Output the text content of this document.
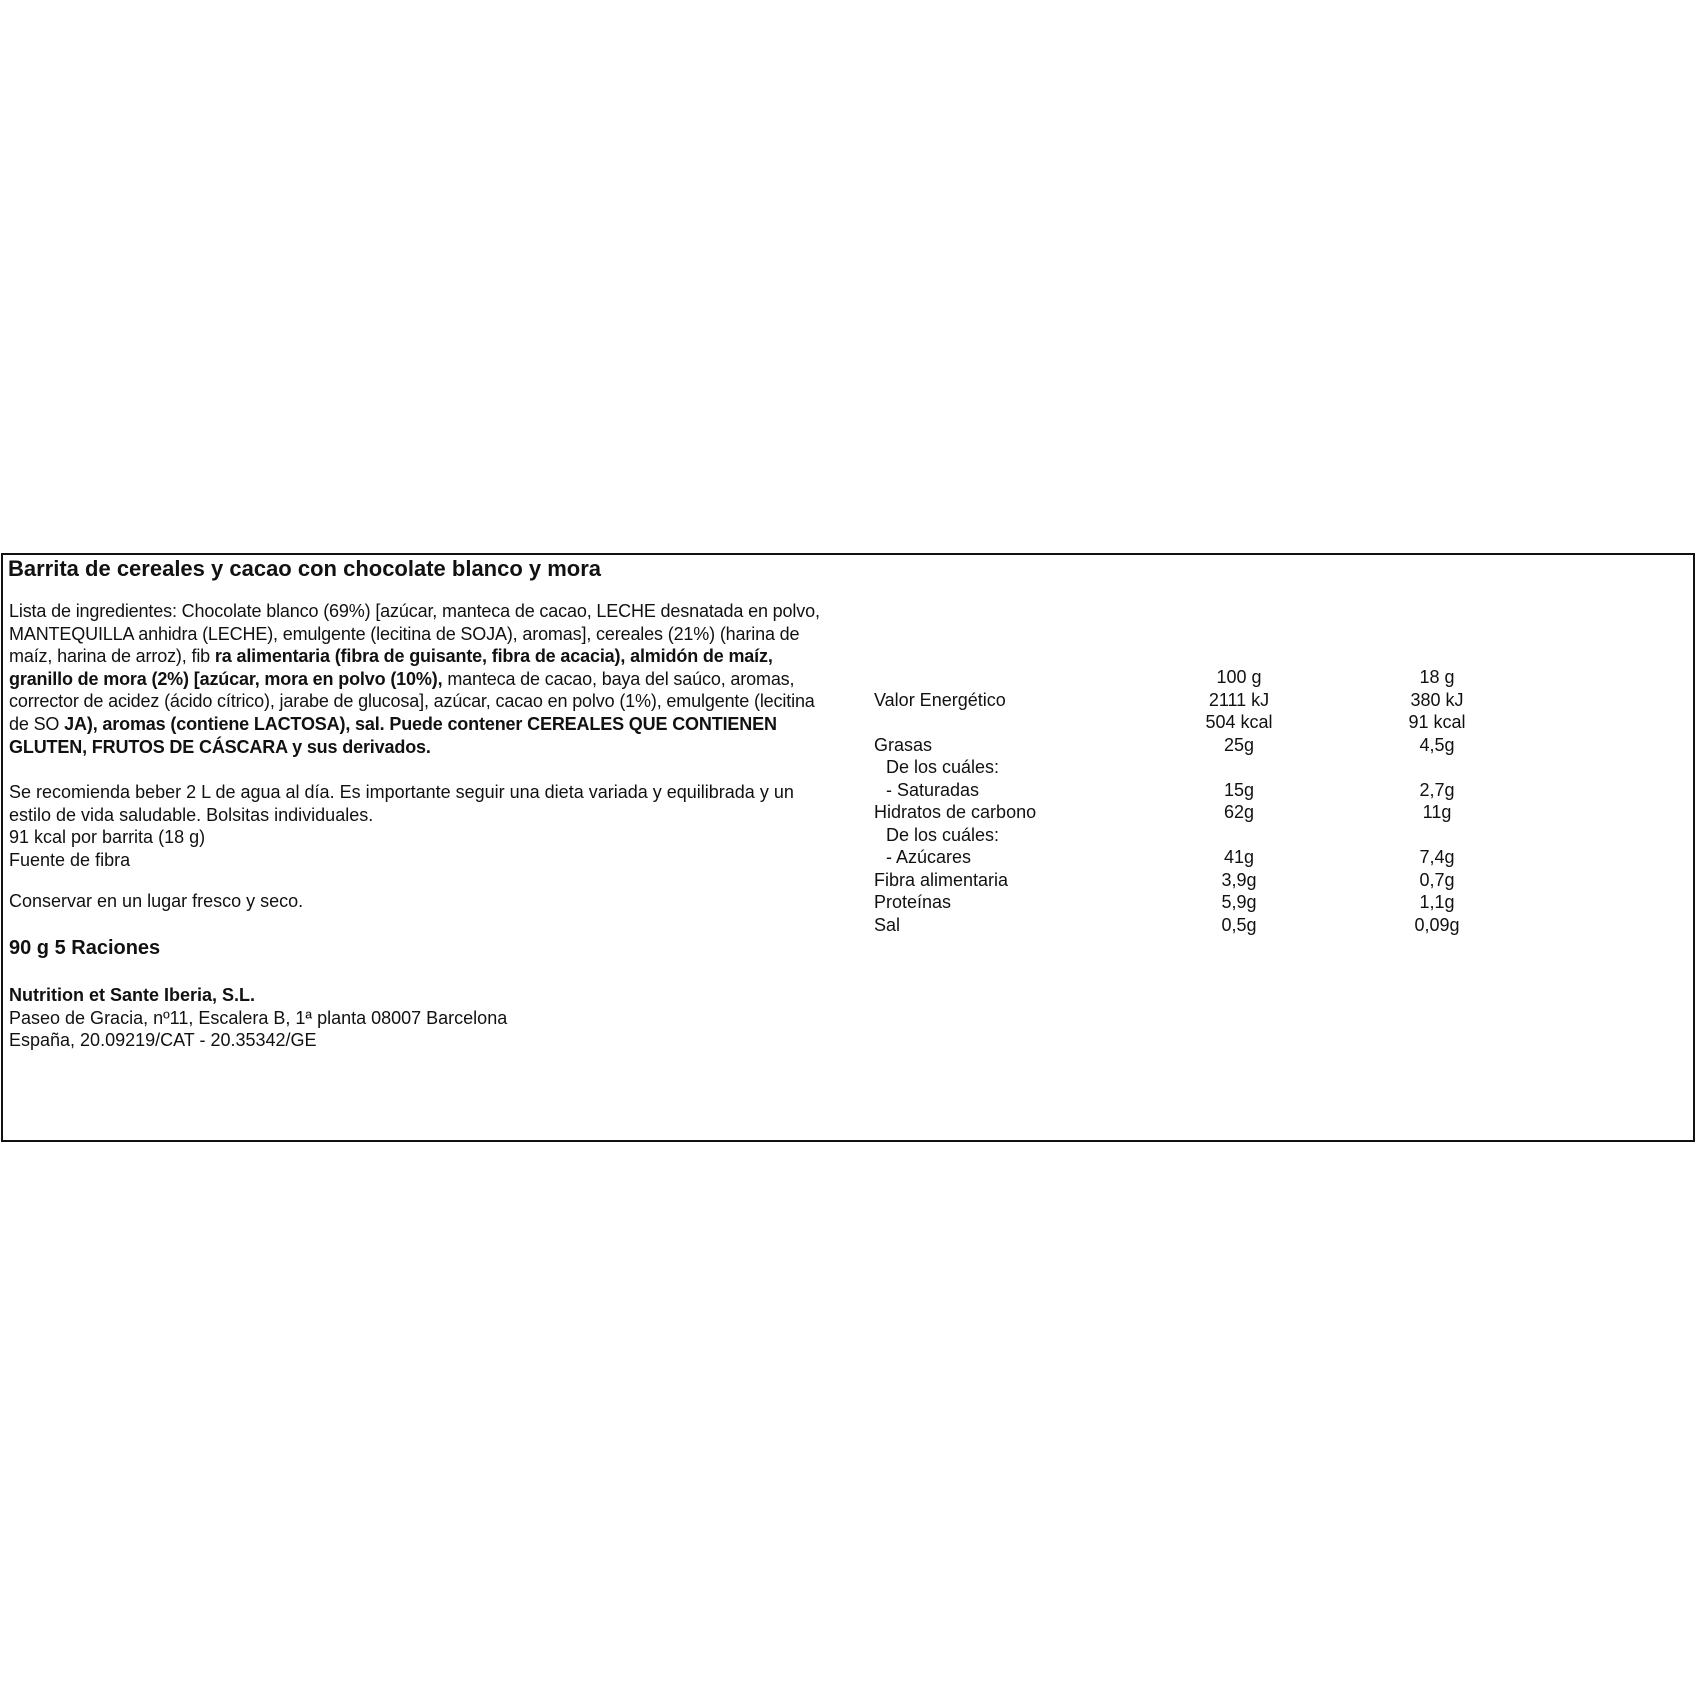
Barrita de cereales y cacao con chocolate blanco y mora

Lista de ingredientes: Chocolate blanco (69%) [azúcar, manteca de cacao, LECHE desnatada en polvo, MANTEQUILLA anhidra (LECHE), emulgente (lecitina de SOJA), aromas], cereales (21%) (harina de maíz, harina de arroz), fib ra alimentaria (fibra de guisante, fibra de acacia), almidón de maíz, granillo de mora (2%) [azúcar, mora en polvo (10%), manteca de cacao, baya del saúco, aromas, corrector de acidez (ácido cítrico), jarabe de glucosa], azúcar, cacao en polvo (1%), emulgente (lecitina de SO JA), aromas (contiene LACTOSA), sal. Puede contener CEREALES QUE CONTIENEN GLUTEN, FRUTOS DE CÁSCARA y sus derivados.

Se recomienda beber 2 L de agua al día. Es importante seguir una dieta variada y equilibrada y un estilo de vida saludable. Bolsitas individuales.

91 kcal por barrita (18 g)

Fuente de fibra

Conservar en un lugar fresco y seco.

90 g 5 Raciones

Nutrition et Sante Iberia, S.L.

Paseo de Gracia, nº11, Escalera B, 1ª planta 08007 Barcelona

España, 20.09219/CAT - 20.35342/GE

100 g	18 g
Valor Energético	2111 kJ	380 kJ
504 kcal	91 kcal
Grasas	25g	4,5g
De los cuáles:
- Saturadas	15g	2,7g
Hidratos de carbono	62g	11g
De los cuáles:
- Azúcares	41g	7,4g
Fibra alimentaria	3,9g	0,7g
Proteínas	5,9g	1,1g
Sal	0,5g	0,09g
